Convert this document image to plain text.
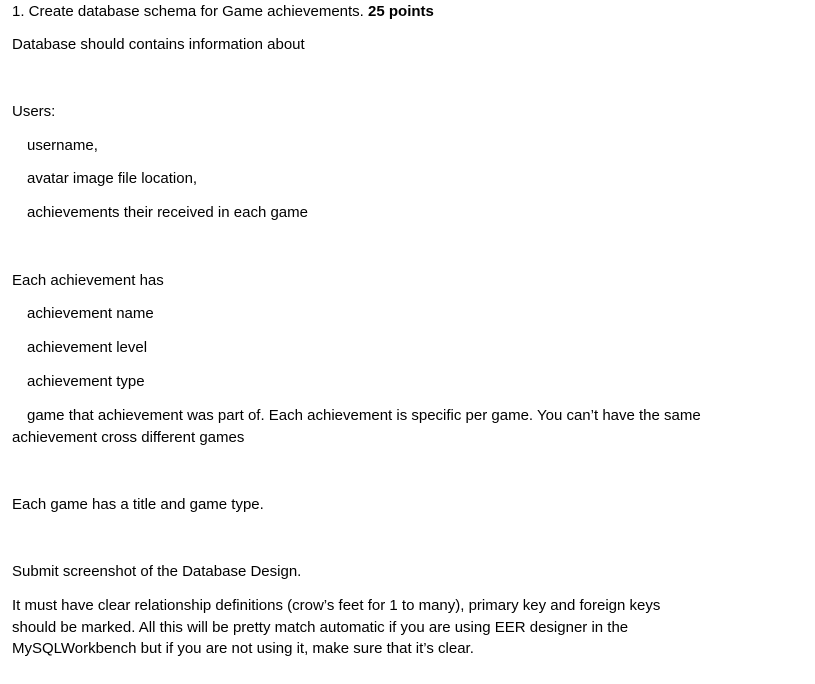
1. Create database schema for Game achievements. 25 points
Database should contains information about
Users:
username,
avatar image file location,
achievements their received in each game
Each achievement has
achievement name
achievement level
achievement type
game that achievement was part of. Each achievement is specific per game. You can’t have the same achievement cross different games
Each game has a title and game type.
Submit screenshot of the Database Design.
It must have clear relationship definitions (crow’s feet for 1 to many), primary key and foreign keys should be marked. All this will be pretty match automatic if you are using EER designer in the MySQLWorkbench but if you are not using it, make sure that it’s clear.
